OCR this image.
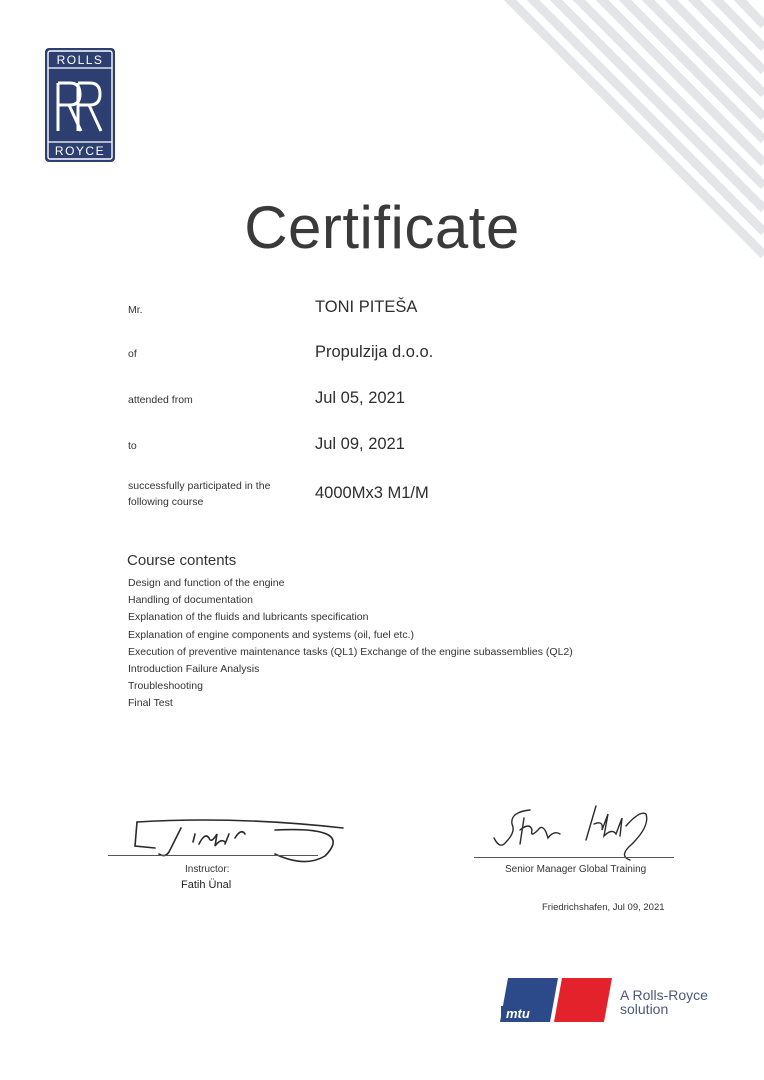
ROLLS
ROYCE
Certificate
Mr.	TONI PITEŠA
of	Propulzija d.o.o.
attended from	Jul 05, 2021
to	Jul 09, 2021
successfully participated in the
following course	4000Mx3 M1/M
Course contents
Design and function of the engine
Handling of documentation
Explanation of the fluids and lubricants specification
Explanation of engine components and systems (oil, fuel etc.)
Execution of preventive maintenance tasks (QL1) Exchange of the engine subassemblies (QL2)
Introduction Failure Analysis
Troubleshooting
Final Test
Instructor:
Fatih Ünal
Senior Manager Global Training
Friedrichshafen, Jul 09, 2021
mtu
A Rolls-Royce
solution
